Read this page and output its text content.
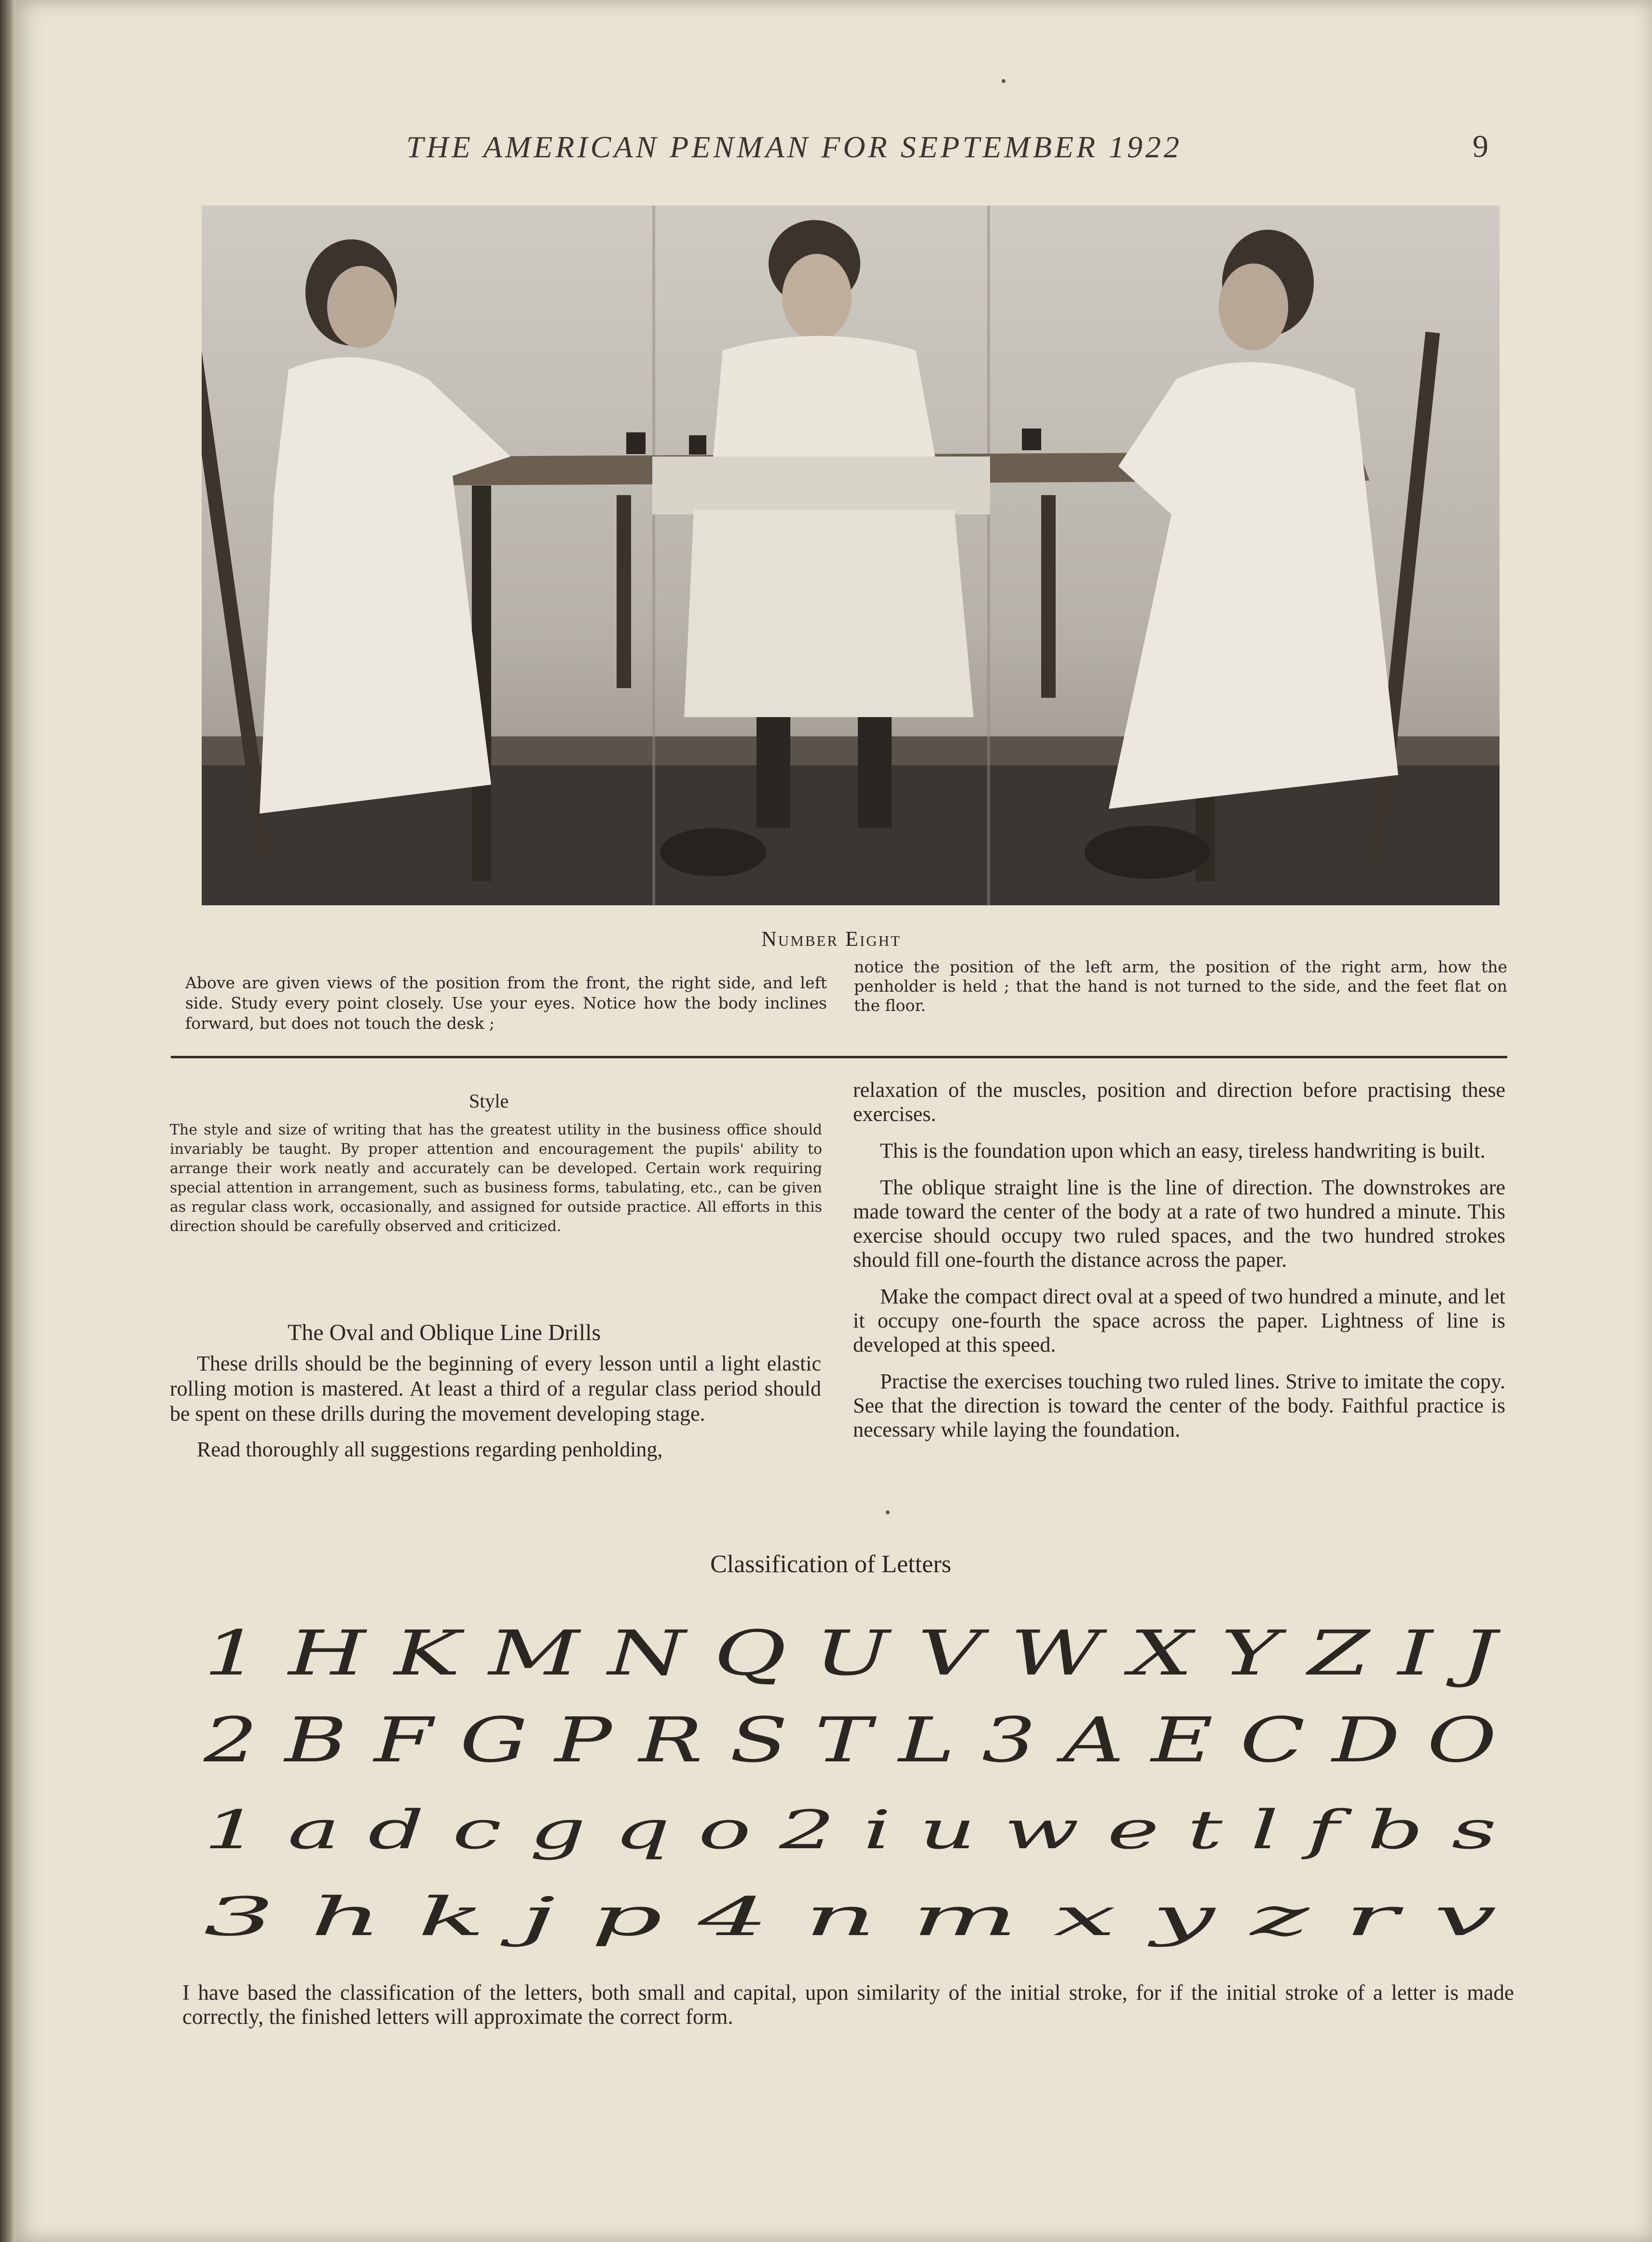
THE AMERICAN PENMAN FOR SEPTEMBER 1922	9
Number Eight
Above are given views of the position from the front, the right side, and left side. Study every point closely. Use your eyes. Notice how the body inclines forward, but does not touch the desk ;
notice the position of the left arm, the position of the right arm, how the penholder is held ; that the hand is not turned to the side, and the feet flat on the floor.
Style
The style and size of writing that has the greatest utility in the business office should invariably be taught. By proper attention and encouragement the pupils' ability to arrange their work neatly and accurately can be developed. Certain work requiring special attention in arrangement, such as business forms, tabulating, etc., can be given as regular class work, occasionally, and assigned for outside practice. All efforts in this direction should be carefully observed and criticized.
The Oval and Oblique Line Drills

These drills should be the beginning of every lesson until a light elastic rolling motion is mastered. At least a third of a regular class period should be spent on these drills during the movement developing stage.

Read thoroughly all suggestions regarding penholding,

relaxation of the muscles, position and direction before practising these exercises.

This is the foundation upon which an easy, tireless handwriting is built.

The oblique straight line is the line of direction. The downstrokes are made toward the center of the body at a rate of two hundred a minute. This exercise should occupy two ruled spaces, and the two hundred strokes should fill one-fourth the distance across the paper.

Make the compact direct oval at a speed of two hundred a minute, and let it occupy one-fourth the space across the paper. Lightness of line is developed at this speed.

Practise the exercises touching two ruled lines. Strive to imitate the copy. See that the direction is toward the center of the body. Faithful practice is necessary while laying the foundation.

Classification of Letters
1 H K M N Q U V W X Y Z I J
2 B F G P R S T L 3 A E C D O
1 a d c g q o 2 i u w e t l f b s
3 h k j p 4 n m x y z r v
I have based the classification of the letters, both small and capital, upon similarity of the initial stroke, for if the initial stroke of a letter is made correctly, the finished letters will approximate the correct form.
